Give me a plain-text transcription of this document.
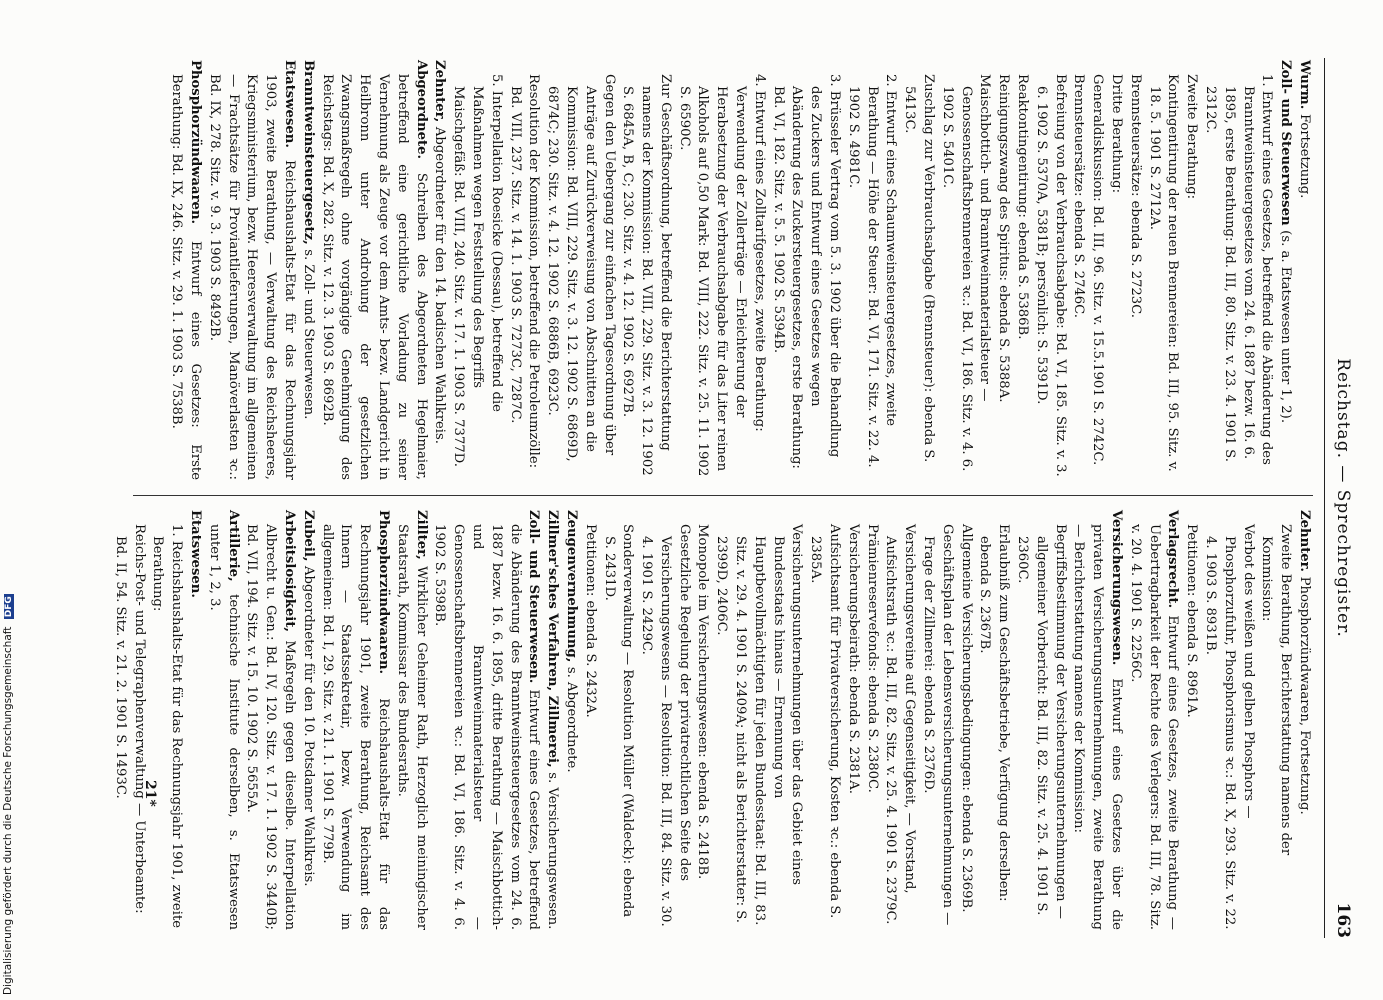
Reichstag. — Sprechregister.
163

Wurm. Fortsetzung.

Zoll- und Steuerwesen (s. a. Etatswesen unter 1, 2).

1. Entwurf eines Gesetzes, betreffend die Abänderung des Branntweinsteuergesetzes vom 24. 6. 1887 bezw. 16. 6. 1895, erste Berathung: Bd. III, 80. Sitz. v. 23. 4. 1901 S. 2312C.

Zweite Berathung:

Kontingentirung der neuen Brennereien: Bd. III, 95. Sitz. v. 18. 5. 1901 S. 2712A.

Brennsteuersätze: ebenda S. 2723C.

Dritte Berathung:

Generaldiskussion: Bd. III, 96. Sitz. v. 15.5.1901 S. 2742C.

Brennsteuersätze: ebenda S. 2746C.

Befreiung von der Verbrauchsabgabe: Bd. VI, 185. Sitz. v. 3. 6. 1902 S. 5370A, 5381B; persönlich: S. 5391D.

Reaktontingentirung: ebenda S. 5386B.

Reinigungszwang des Spiritus: ebenda S. 5388A.

Maischbottich- und Branntweinmaterialsteuer — Genossenschaftsbrennereien ꝛc.: Bd. VI, 186. Sitz. v. 4. 6. 1902 S. 5401C.

Zuschlag zur Verbrauchsabgabe (Brennsteuer): ebenda S. 5413C.

2. Entwurf eines Schaumweinsteuergesetzes, zweite Berathung — Höhe der Steuer: Bd. VI, 171. Sitz. v. 22. 4. 1902 S. 4981C.

3. Brüsseler Vertrag vom 5. 3. 1902 über die Behandlung des Zuckers und Entwurf eines Gesetzes wegen Abänderung des Zuckersteuergesetzes, erste Berathung: Bd. VI, 182. Sitz. v. 5. 5. 1902 S. 5394B.

4. Entwurf eines Zolltarifgesetzes, zweite Berathung: Verwendung der Zollerträge — Erleichterung der Herabsetzung der Verbrauchsabgabe für das Liter reinen Alkohols auf 0,50 Mark: Bd. VIII, 222. Sitz. v. 25. 11. 1902 S. 6590C.

Zur Geschäftsordnung, betreffend die Berichterstattung namens der Kommission: Bd. VIII, 229. Sitz. v. 3. 12. 1902 S. 6845A, B, C; 230. Sitz. v. 4. 12. 1902 S. 6927B.

Gegen den Uebergang zur einfachen Tagesordnung über Anträge auf Zurückverweisung von Abschnitten an die Kommission: Bd. VIII, 229. Sitz. v. 3. 12. 1902 S. 6869D, 6874C; 230. Sitz. v. 4. 12. 1902 S. 6886B, 6923C.

Resolution der Kommission, betreffend die Petroleumzölle: Bd. VIII, 237. Sitz. v. 14. 1. 1903 S. 7273C, 7287C.

5. Interpellation Roesicke (Dessau), betreffend die Maßnahmen wegen Feststellung des Begriffs Maischgefäß: Bd. VIII, 240. Sitz. v. 17. 1. 1903 S. 7377D.

Zehnter, Abgeordneter für den 14. badischen Wahlkreis.

Abgeordnete. Schreiben des Abgeordneten Hegelmaier, betreffend eine gerichtliche Vorladung zu seiner Vernehmung als Zeuge vor dem Amts- bezw. Landgericht in Heilbronn unter Androhung der gesetzlichen Zwangsmaßregeln ohne vorgängige Genehmigung des Reichstags: Bd. X, 282. Sitz. v. 12. 3. 1903 S. 8692B.

Branntweinsteuergesetz, s. Zoll- und Steuerwesen.

Etatswesen. Reichshaushalts-Etat für das Rechnungsjahr 1903, zweite Berathung, — Verwaltung des Reichsheeres, Kriegsministerium, bezw. Heeresverwaltung im allgemeinen — Frachtsätze für Proviantlieferungen, Manöverlasten ꝛc.: Bd. IX, 278. Sitz. v. 9. 3. 1903 S. 8492B.

Phosphorzündwaaren. Entwurf eines Gesetzes: Erste Berathung: Bd. IX, 246. Sitz. v. 29. 1. 1903 S. 7538B.

Zehnter. Phosphorzündwaaren, Fortsetzung.

Zweite Berathung, Berichterstattung namens der Kommission:

Verbot des weißen und gelben Phosphors — Phosphorzufuhr, Phosphorismus ꝛc.: Bd. X, 293. Sitz. v. 22. 4. 1903 S. 8931B.

Petitionen: ebenda S. 8961A.

Verlagsrecht. Entwurf eines Gesetzes, zweite Berathung — Uebertragbarkeit der Rechte des Verlegers: Bd. III, 78. Sitz. v. 20. 4. 1901 S. 2256C.

Versicherungswesen. Entwurf eines Gesetzes über die privaten Versicherungsunternehmungen, zweite Berathung — Berichterstattung namens der Kommission:

Begriffsbestimmung der Versicherungsunternehmungen — allgemeiner Vorbericht: Bd. III, 82. Sitz. v. 25. 4. 1901 S. 2360C.

Erlaubniß zum Geschäftsbetriebe, Verfügung derselben: ebenda S. 2367B.

Allgemeine Versicherungsbedingungen: ebenda S. 2369B.

Geschäftsplan der Lebensversicherungsunternehmungen — Frage der Zillmerei: ebenda S. 2376D.

Versicherungsvereine auf Gegenseitigkeit, — Vorstand, Aufsichtsrath ꝛc.: Bd. III, 82. Sitz. v. 25. 4. 1901 S. 2379C.

Prämienreservefonds: ebenda S. 2380C.

Versicherungsbeirath: ebenda S. 2381A.

Aufsichtsamt für Privatversicherung, Kosten ꝛc.: ebenda S. 2385A.

Versicherungsunternehmungen über das Gebiet eines Bundesstaats hinaus — Ernennung von Hauptbevollmächtigten für jeden Bundesstaat: Bd. III, 83. Sitz. v. 29. 4. 1901 S. 2409A; nicht als Berichterstatter: S. 2399D, 2406C.

Monopole im Versicherungswesen: ebenda S. 2418B.

Gesetzliche Regelung der privatrechtlichen Seite des Versicherungswesens — Resolution: Bd. III, 84. Sitz. v. 30. 4. 1901 S. 2429C.

Sonderverwaltung — Resolution Müller (Waldeck): ebenda S. 2431D.

Petitionen: ebenda S. 2432A.

Zeugenvernehmung, s. Abgeordnete.

Zillmer'sches Verfahren, Zillmerei, s. Versicherungswesen.

Zoll- und Steuerwesen. Entwurf eines Gesetzes, betreffend die Abänderung des Branntweinsteuergesetzes vom 24. 6. 1887 bezw. 16. 6. 1895, dritte Berathung — Maischbottich- und Branntweinmaterialsteuer — Genossenschaftsbrennereien ꝛc.: Bd. VI, 186. Sitz. v. 4. 6. 1902 S. 5398B.

Zillter, Wirklicher Geheimer Rath, Herzoglich meiningischer Staatsrath, Kommissar des Bundesraths.

Phosphorzündwaaren. Reichshaushalts-Etat für das Rechnungsjahr 1901, zweite Berathung, Reichsamt des Innern — Staatssekretair, bezw. Verwendung im allgemeinen: Bd. I, 29. Sitz. v. 21. 1. 1901 S. 779B.

Zubeil, Abgeordneter für den 10. Potsdamer Wahlkreis.

Arbeitslosigkeit, Maßregeln gegen dieselbe. Interpellation Albrecht u. Gen.: Bd. IV, 120. Sitz. v. 17. 1. 1902 S. 3440B; Bd. VII, 194. Sitz. v. 15. 10. 1902 S. 5655A.

Artillerie, technische Institute derselben, s. Etatswesen unter 1, 2, 3.

Etatswesen.

1. Reichshaushalts-Etat für das Rechnungsjahr 1901, zweite Berathung:

Reichs-Post- und Telegraphenverwaltung — Unterbeamte: Bd. II, 54. Sitz. v. 21. 2. 1901 S. 1493C.	21*
Digitalisierung gefördert durch die Deutsche Forschungsgemeinschaft DFG
